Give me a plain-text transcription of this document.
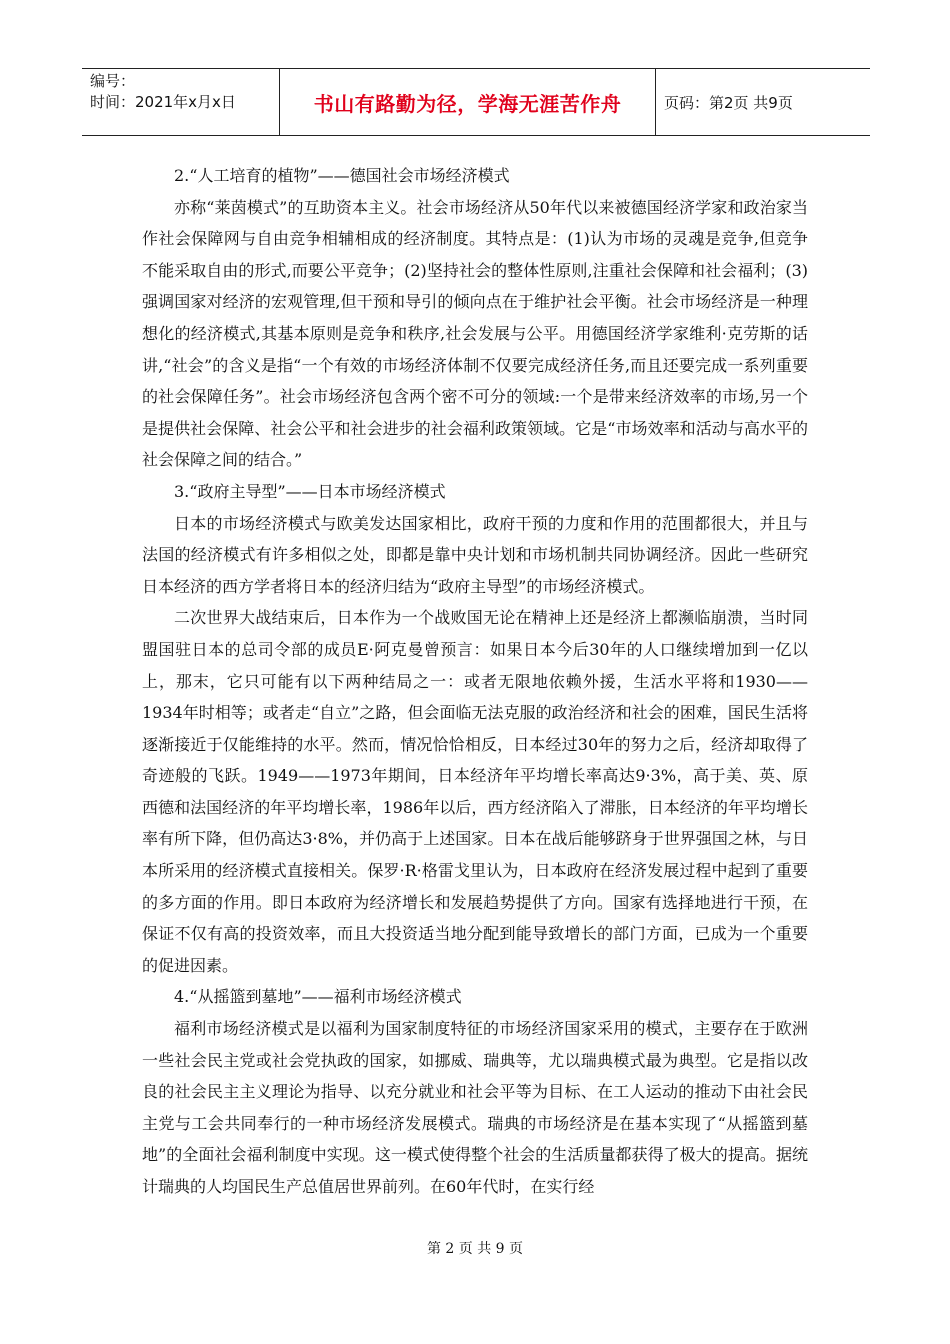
编号：
时间：2021年x月x日	书山有路勤为径，学海无涯苦作舟	页码：第2页 共9页

2.“人工培育的植物”——德国社会市场经济模式

亦称“莱茵模式”的互助资本主义。社会市场经济从50年代以来被德国经济学家和政治家当作社会保障网与自由竞争相辅相成的经济制度。其特点是：(1)认为市场的灵魂是竞争,但竞争不能采取自由的形式,而要公平竞争；(2)坚持社会的整体性原则,注重社会保障和社会福利；(3)强调国家对经济的宏观管理,但干预和导引的倾向点在于维护社会平衡。社会市场经济是一种理想化的经济模式,其基本原则是竞争和秩序,社会发展与公平。用德国经济学家维利·克劳斯的话讲,“社会”的含义是指“一个有效的市场经济体制不仅要完成经济任务,而且还要完成一系列重要的社会保障任务”。社会市场经济包含两个密不可分的领域:一个是带来经济效率的市场,另一个是提供社会保障、社会公平和社会进步的社会福利政策领域。它是“市场效率和活动与高水平的社会保障之间的结合。”

3.“政府主导型”——日本市场经济模式

日本的市场经济模式与欧美发达国家相比，政府干预的力度和作用的范围都很大，并且与法国的经济模式有许多相似之处，即都是靠中央计划和市场机制共同协调经济。因此一些研究日本经济的西方学者将日本的经济归结为“政府主导型”的市场经济模式。

二次世界大战结束后，日本作为一个战败国无论在精神上还是经济上都濒临崩溃，当时同盟国驻日本的总司令部的成员E·阿克曼曾预言：如果日本今后30年的人口继续增加到一亿以上，那末，它只可能有以下两种结局之一：或者无限地依赖外援，生活水平将和1930——1934年时相等；或者走“自立”之路，但会面临无法克服的政治经济和社会的困难，国民生活将逐渐接近于仅能维持的水平。然而，情况恰恰相反，日本经过30年的努力之后，经济却取得了奇迹般的飞跃。1949——1973年期间，日本经济年平均增长率高达9·3%，高于美、英、原西德和法国经济的年平均增长率，1986年以后，西方经济陷入了滞胀，日本经济的年平均增长率有所下降，但仍高达3·8%，并仍高于上述国家。日本在战后能够跻身于世界强国之林，与日本所采用的经济模式直接相关。保罗·R·格雷戈里认为，日本政府在经济发展过程中起到了重要的多方面的作用。即日本政府为经济增长和发展趋势提供了方向。国家有选择地进行干预，在保证不仅有高的投资效率，而且大投资适当地分配到能导致增长的部门方面，已成为一个重要的促进因素。

4.“从摇篮到墓地”——福利市场经济模式

福利市场经济模式是以福利为国家制度特征的市场经济国家采用的模式，主要存在于欧洲一些社会民主党或社会党执政的国家，如挪威、瑞典等，尤以瑞典模式最为典型。它是指以改良的社会民主主义理论为指导、以充分就业和社会平等为目标、在工人运动的推动下由社会民主党与工会共同奉行的一种市场经济发展模式。瑞典的市场经济是在基本实现了“从摇篮到墓地”的全面社会福利制度中实现。这一模式使得整个社会的生活质量都获得了极大的提高。据统计瑞典的人均国民生产总值居世界前列。在60年代时，在实行经

第 2 页 共 9 页
